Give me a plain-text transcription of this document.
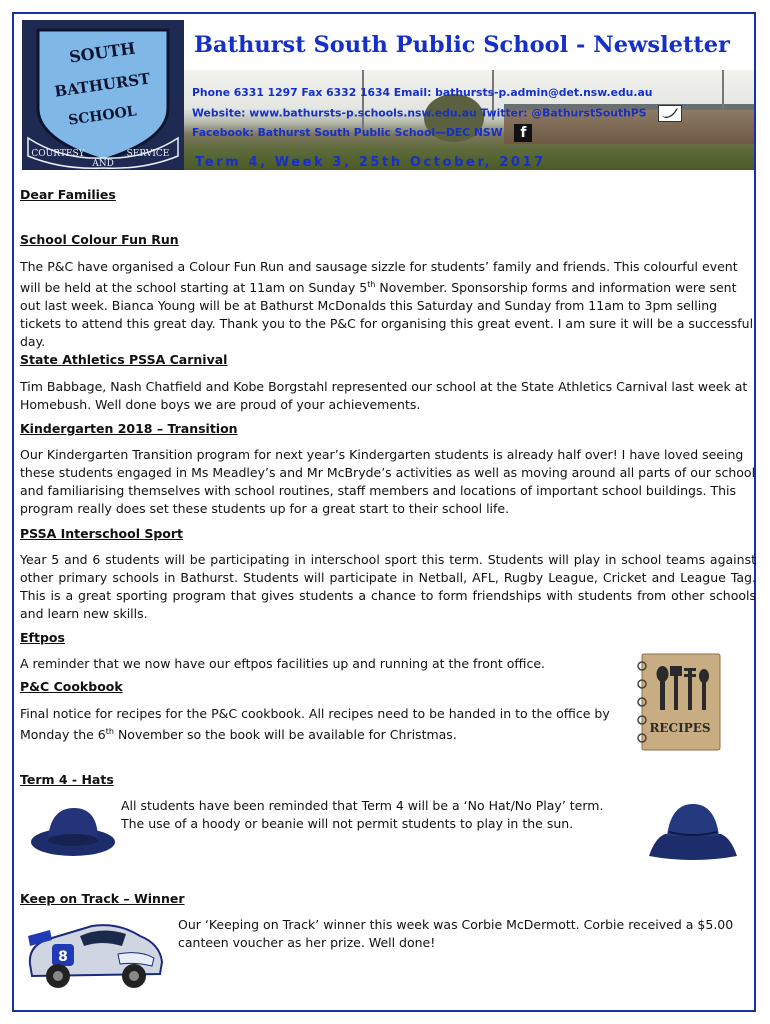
SOUTH
BATHURST
SCHOOL
COURTESY
AND
SERVICE
Bathurst South Public School - Newsletter
Phone 6331 1297 Fax 6332 1634 Email: bathursts-p.admin@det.nsw.edu.au
Website: www.bathursts-p.schools.nsw.edu.au Twitter: @BathurstSouthPS
Facebook: Bathurst South Public School—DEC NSW f
Term 4, Week 3, 25th October, 2017
Dear Families
School Colour Fun Run

The P&C have organised a Colour Fun Run and sausage sizzle for students’ family and friends. This colourful event will be held at the school starting at 11am on Sunday 5th November. Sponsorship forms and information were sent out last week. Bianca Young will be at Bathurst McDonalds this Saturday and Sunday from 11am to 3pm selling tickets to attend this great day. Thank you to the P&C for organising this great event. I am sure it will be a successful day.

State Athletics PSSA Carnival

Tim Babbage, Nash Chatfield and Kobe Borgstahl represented our school at the State Athletics Carnival last week at Homebush. Well done boys we are proud of your achievements.

Kindergarten 2018 – Transition

Our Kindergarten Transition program for next year’s Kindergarten students is already half over! I have loved seeing these students engaged in Ms Meadley’s and Mr McBryde’s activities as well as moving around all parts of our school and familiarising themselves with school routines, staff members and locations of important school buildings. This program really does set these students up for a great start to their school life.

PSSA Interschool Sport

Year 5 and 6 students will be participating in interschool sport this term. Students will play in school teams against other primary schools in Bathurst. Students will participate in Netball, AFL, Rugby League, Cricket and League Tag. This is a great sporting program that gives students a chance to form friendships with students from other schools and learn new skills.

Eftpos

A reminder that we now have our eftpos facilities up and running at the front office.

P&C Cookbook

Final notice for recipes for the P&C cookbook. All recipes need to be handed in to the office by Monday the 6th November so the book will be available for Christmas.	RECIPES
Term 4 - Hats

All students have been reminded that Term 4 will be a ‘No Hat/No Play’ term.

The use of a hoody or beanie will not permit students to play in the sun.

Keep on Track – Winner

Our ‘Keeping on Track’ winner this week was Corbie McDermott. Corbie received a $5.00 canteen voucher as her prize. Well done!

8
